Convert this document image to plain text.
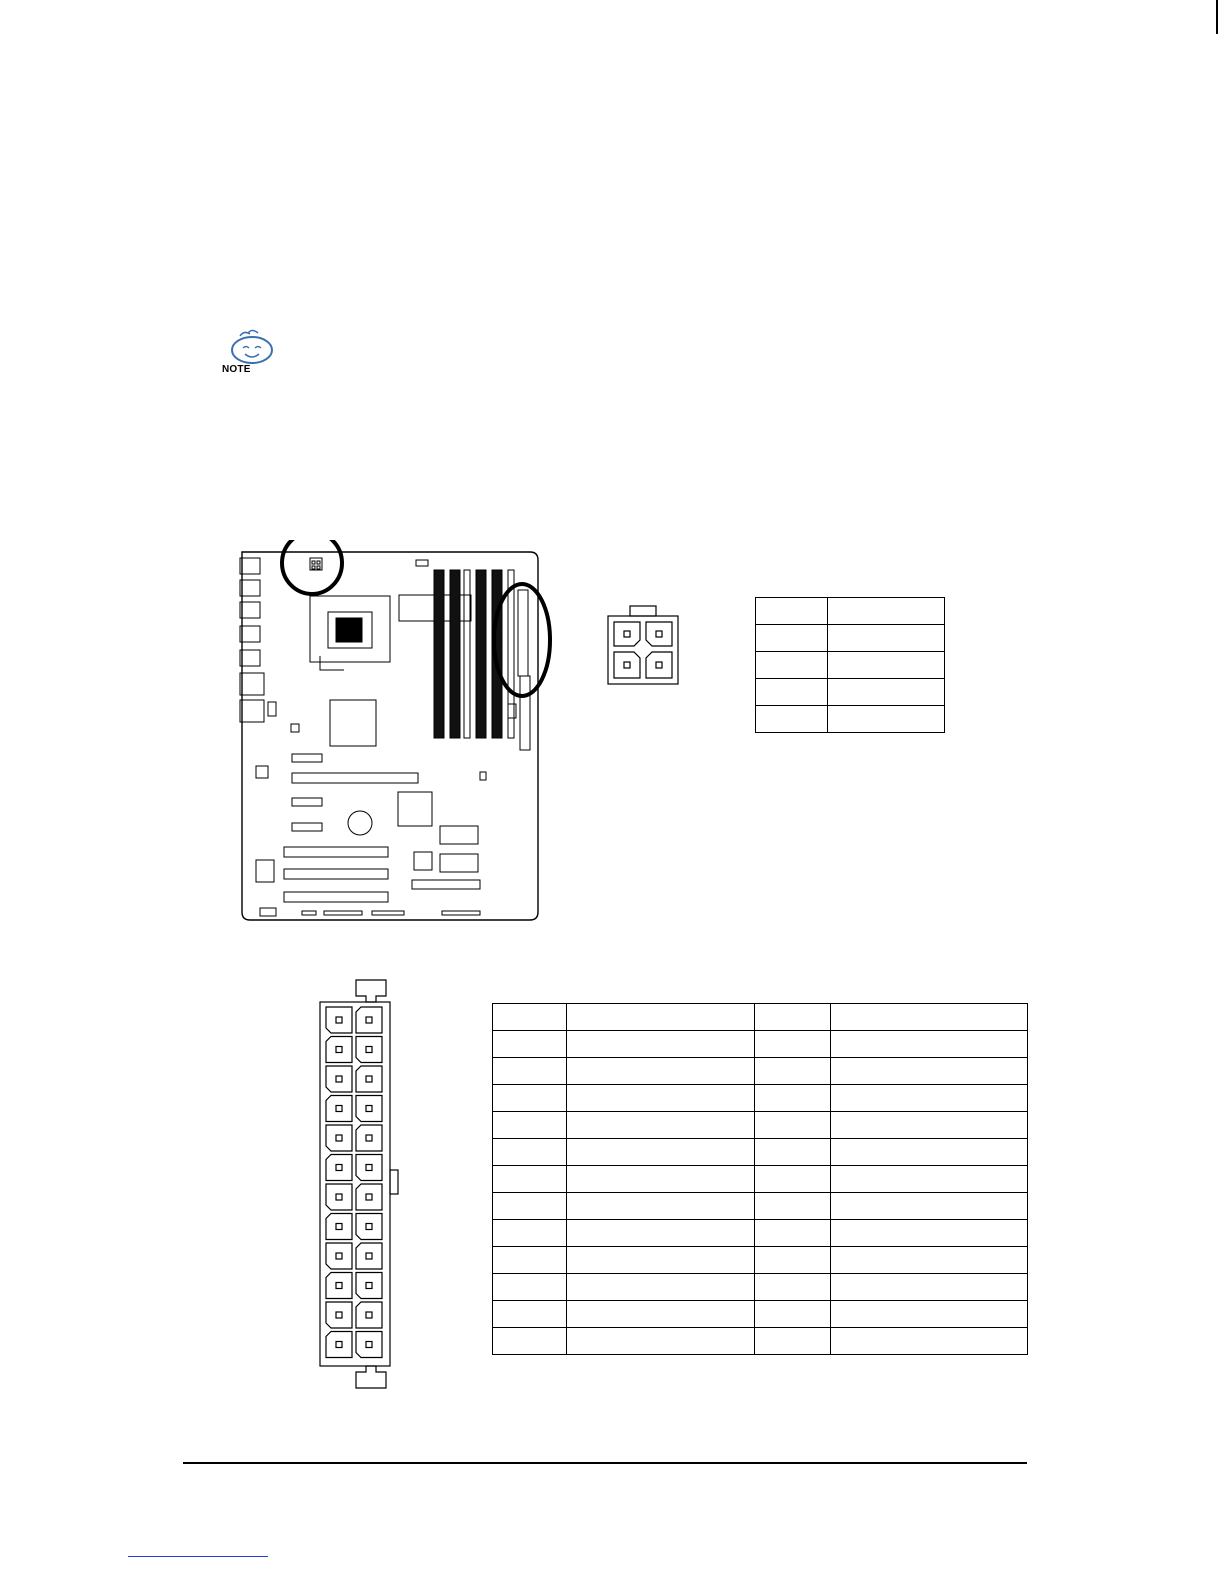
NOTE
